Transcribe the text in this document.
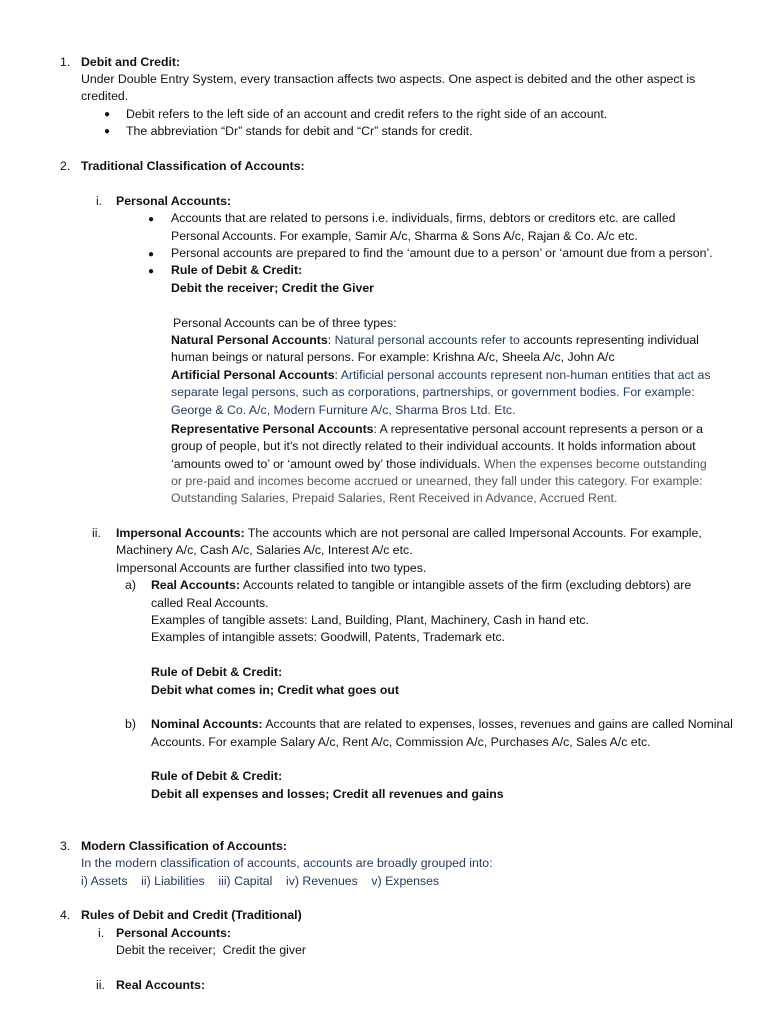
1. Debit and Credit:
Under Double Entry System, every transaction affects two aspects. One aspect is debited and the other aspect is
credited.
● Debit refers to the left side of an account and credit refers to the right side of an account.
● The abbreviation “Dr” stands for debit and “Cr” stands for credit.
2. Traditional Classification of Accounts:
i. Personal Accounts:
● Accounts that are related to persons i.e. individuals, firms, debtors or creditors etc. are called
Personal Accounts. For example, Samir A/c, Sharma & Sons A/c, Rajan & Co. A/c etc.
● Personal accounts are prepared to find the ‘amount due to a person’ or ‘amount due from a person’.
● Rule of Debit & Credit:
Debit the receiver; Credit the Giver
Personal Accounts can be of three types:
Natural Personal Accounts: Natural personal accounts refer to accounts representing individual
human beings or natural persons. For example: Krishna A/c, Sheela A/c, John A/c
Artificial Personal Accounts: Artificial personal accounts represent non-human entities that act as
separate legal persons, such as corporations, partnerships, or government bodies. For example:
George & Co. A/c, Modern Furniture A/c, Sharma Bros Ltd. Etc.
Representative Personal Accounts: A representative personal account represents a person or a
group of people, but it's not directly related to their individual accounts. It holds information about
‘amounts owed to’ or ‘amount owed by’ those individuals. When the expenses become outstanding
or pre-paid and incomes become accrued or unearned, they fall under this category. For example:
Outstanding Salaries, Prepaid Salaries, Rent Received in Advance, Accrued Rent.
ii. Impersonal Accounts: The accounts which are not personal are called Impersonal Accounts. For example,
Machinery A/c, Cash A/c, Salaries A/c, Interest A/c etc.
Impersonal Accounts are further classified into two types.
a) Real Accounts: Accounts related to tangible or intangible assets of the firm (excluding debtors) are
called Real Accounts.
Examples of tangible assets: Land, Building, Plant, Machinery, Cash in hand etc.
Examples of intangible assets: Goodwill, Patents, Trademark etc.
Rule of Debit & Credit:
Debit what comes in; Credit what goes out
b) Nominal Accounts: Accounts that are related to expenses, losses, revenues and gains are called Nominal
Accounts. For example Salary A/c, Rent A/c, Commission A/c, Purchases A/c, Sales A/c etc.
Rule of Debit & Credit:
Debit all expenses and losses; Credit all revenues and gains
3. Modern Classification of Accounts:
In the modern classification of accounts, accounts are broadly grouped into:
i) Assets    ii) Liabilities    iii) Capital    iv) Revenues    v) Expenses
4. Rules of Debit and Credit (Traditional)
i. Personal Accounts:
Debit the receiver;  Credit the giver
ii. Real Accounts:
